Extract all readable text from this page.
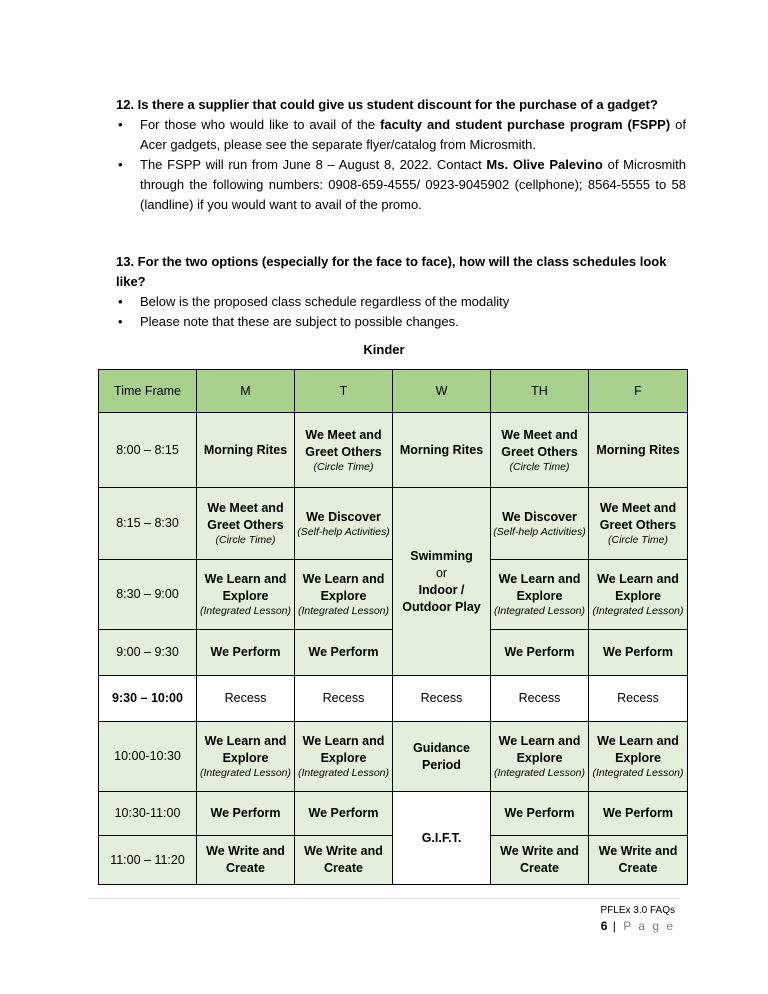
12. Is there a supplier that could give us student discount for the purchase of a gadget?
• For those who would like to avail of the faculty and student purchase program (FSPP) of Acer gadgets, please see the separate flyer/catalog from Microsmith.
• The FSPP will run from June 8 – August 8, 2022. Contact Ms. Olive Palevino of Microsmith through the following numbers: 0908-659-4555/ 0923-9045902 (cellphone); 8564-5555 to 58 (landline) if you would want to avail of the promo.
13. For the two options (especially for the face to face), how will the class schedules look like?
• Below is the proposed class schedule regardless of the modality
• Please note that these are subject to possible changes.
Kinder
Time Frame	M	T	W	TH	F
8:00 – 8:15	Morning Rites	We Meet and Greet Others
(Circle Time)	Morning Rites	We Meet and Greet Others
(Circle Time)	Morning Rites
8:15 – 8:30	We Meet and Greet Others
(Circle Time)	We Discover
(Self-help Activities)	Swimming
or
Indoor / Outdoor Play	We Discover
(Self-help Activities)	We Meet and Greet Others
(Circle Time)

8:30 – 9:00	We Learn and Explore
(Integrated Lesson)	We Learn and Explore
(Integrated Lesson)		We Learn and Explore
(Integrated Lesson)	We Learn and Explore
(Integrated Lesson)

9:00 – 9:30	We Perform	We Perform		We Perform	We Perform
9:30 – 10:00	Recess	Recess	Recess	Recess	Recess
10:00-10:30	We Learn and Explore
(Integrated Lesson)	We Learn and Explore
(Integrated Lesson)	Guidance Period	We Learn and Explore
(Integrated Lesson)	We Learn and Explore
(Integrated Lesson)

10:30-11:00	We Perform	We Perform	G.I.F.T.	We Perform	We Perform
11:00 – 11:20	We Write and Create	We Write and Create		We Write and Create	We Write and Create
PFLEx 3.0 FAQs
6 | P a g e
